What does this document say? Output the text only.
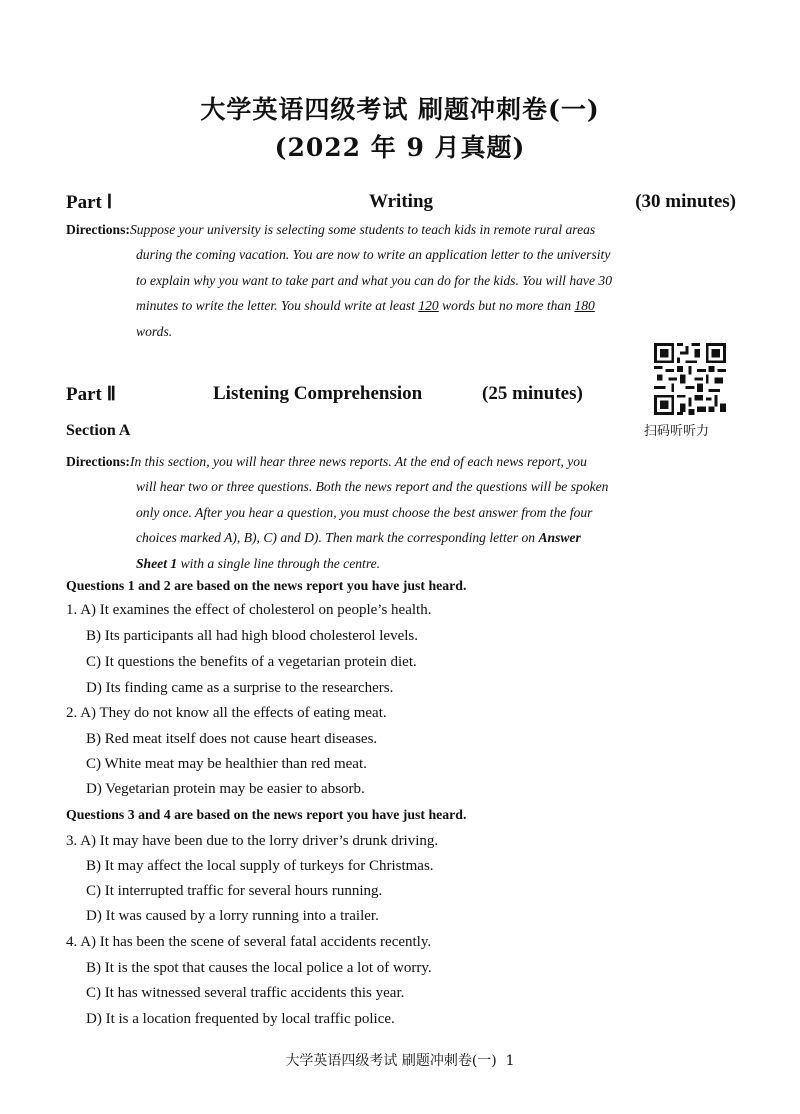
大学英语四级考试 刷题冲刺卷(一)
(2022 年 9 月真题)
Part Ⅰ	Writing	(30 minutes)
Directions:Suppose your university is selecting some students to teach kids in remote rural areas
during the coming vacation. You are now to write an application letter to the university
to explain why you want to take part and what you can do for the kids. You will have 30
minutes to write the letter. You should write at least 120 words but no more than 180
words.
扫码听听力
Part Ⅱ	Listening Comprehension	(25 minutes)
Section A
Directions:In this section, you will hear three news reports. At the end of each news report, you
will hear two or three questions. Both the news report and the questions will be spoken
only once. After you hear a question, you must choose the best answer from the four
choices marked A), B), C) and D). Then mark the corresponding letter on Answer
Sheet 1 with a single line through the centre.
Questions 1 and 2 are based on the news report you have just heard.
1. A) It examines the effect of cholesterol on people’s health.
B) Its participants all had high blood cholesterol levels.
C) It questions the benefits of a vegetarian protein diet.
D) Its finding came as a surprise to the researchers.
2. A) They do not know all the effects of eating meat.
B) Red meat itself does not cause heart diseases.
C) White meat may be healthier than red meat.
D) Vegetarian protein may be easier to absorb.
Questions 3 and 4 are based on the news report you have just heard.
3. A) It may have been due to the lorry driver’s drunk driving.
B) It may affect the local supply of turkeys for Christmas.
C) It interrupted traffic for several hours running.
D) It was caused by a lorry running into a trailer.
4. A) It has been the scene of several fatal accidents recently.
B) It is the spot that causes the local police a lot of worry.
C) It has witnessed several traffic accidents this year.
D) It is a location frequented by local traffic police.
大学英语四级考试 刷题冲刺卷(一) 1
